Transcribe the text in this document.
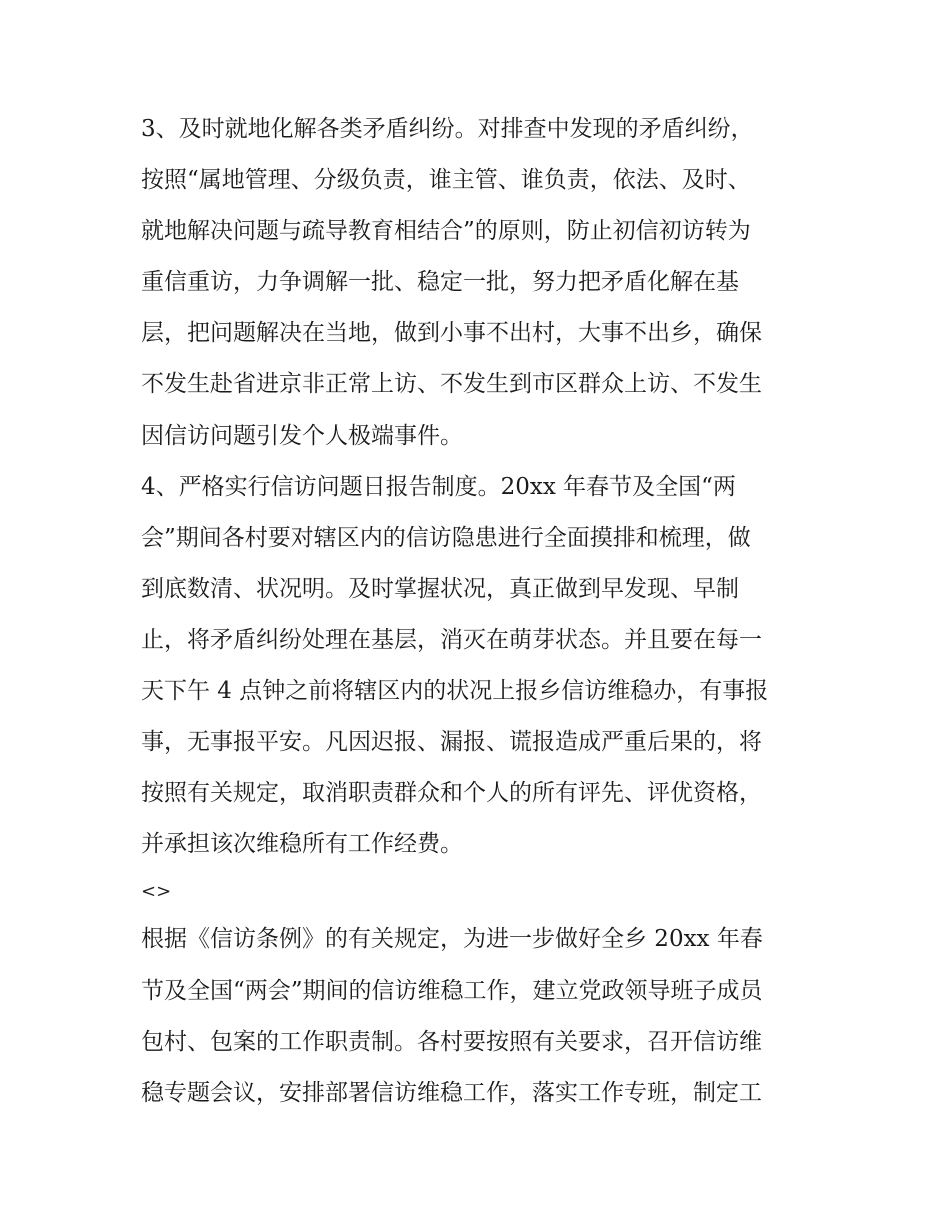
3、及时就地化解各类矛盾纠纷。对排查中发现的矛盾纠纷，
按照“属地管理、分级负责，谁主管、谁负责，依法、及时、
就地解决问题与疏导教育相结合”的原则，防止初信初访转为
重信重访，力争调解一批、稳定一批，努力把矛盾化解在基
层，把问题解决在当地，做到小事不出村，大事不出乡，确保
不发生赴省进京非正常上访、不发生到市区群众上访、不发生
因信访问题引发个人极端事件。
4、严格实行信访问题日报告制度。20xx 年春节及全国“两
会”期间各村要对辖区内的信访隐患进行全面摸排和梳理，做
到底数清、状况明。及时掌握状况，真正做到早发现、早制
止，将矛盾纠纷处理在基层，消灭在萌芽状态。并且要在每一
天下午 4 点钟之前将辖区内的状况上报乡信访维稳办，有事报
事，无事报平安。凡因迟报、漏报、谎报造成严重后果的，将
按照有关规定，取消职责群众和个人的所有评先、评优资格，
并承担该次维稳所有工作经费。
<>
根据《信访条例》的有关规定，为进一步做好全乡 20xx 年春
节及全国“两会”期间的信访维稳工作，建立党政领导班子成员
包村、包案的工作职责制。各村要按照有关要求，召开信访维
稳专题会议，安排部署信访维稳工作，落实工作专班，制定工
